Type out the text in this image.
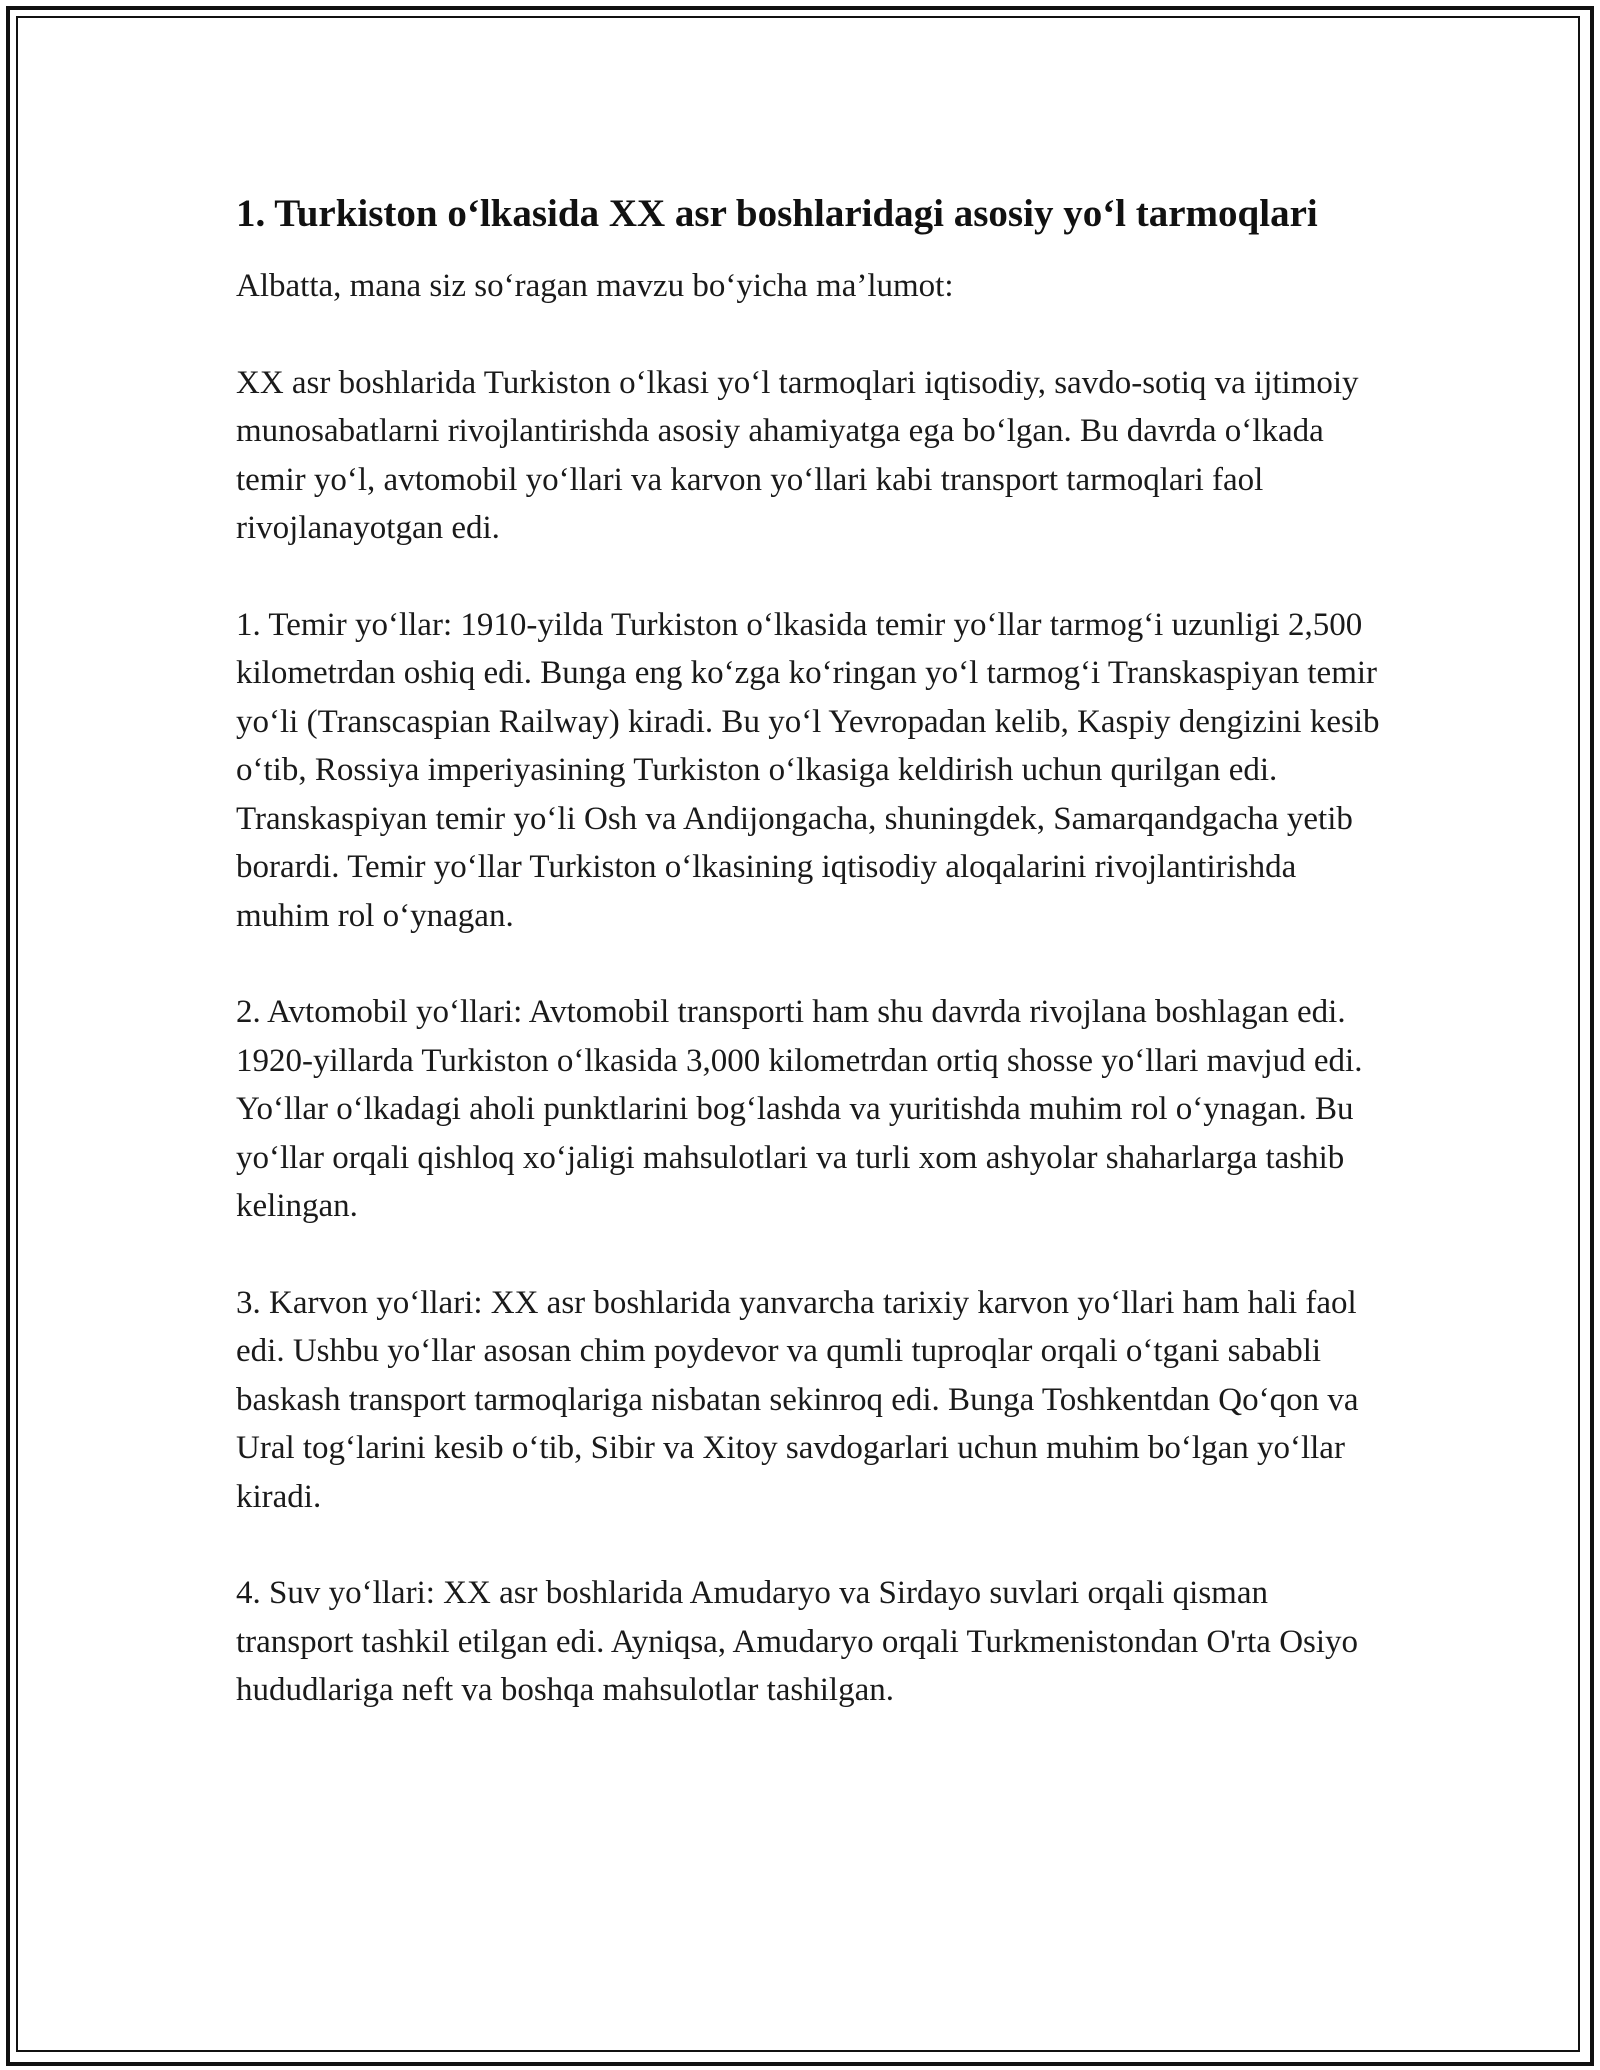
1. Turkiston o‘lkasida XX asr boshlaridagi asosiy yo‘l tarmoqlari

Albatta, mana siz so‘ragan mavzu bo‘yicha ma’lumot:

XX asr boshlarida Turkiston o‘lkasi yo‘l tarmoqlari iqtisodiy, savdo-sotiq va ijtimoiy munosabatlarni rivojlantirishda asosiy ahamiyatga ega bo‘lgan. Bu davrda o‘lkada temir yo‘l, avtomobil yo‘llari va karvon yo‘llari kabi transport tarmoqlari faol rivojlanayotgan edi.

1. Temir yo‘llar: 1910-yilda Turkiston o‘lkasida temir yo‘llar tarmog‘i uzunligi 2,500 kilometrdan oshiq edi. Bunga eng ko‘zga ko‘ringan yo‘l tarmog‘i Transkaspiyan temir yo‘li (Transcaspian Railway) kiradi. Bu yo‘l Yevropadan kelib, Kaspiy dengizini kesib o‘tib, Rossiya imperiyasining Turkiston o‘lkasiga keldirish uchun qurilgan edi. Transkaspiyan temir yo‘li Osh va Andijongacha, shuningdek, Samarqandgacha yetib borardi. Temir yo‘llar Turkiston o‘lkasining iqtisodiy aloqalarini rivojlantirishda muhim rol o‘ynagan.

2. Avtomobil yo‘llari: Avtomobil transporti ham shu davrda rivojlana boshlagan edi. 1920-yillarda Turkiston o‘lkasida 3,000 kilometrdan ortiq shosse yo‘llari mavjud edi. Yo‘llar o‘lkadagi aholi punktlarini bog‘lashda va yuritishda muhim rol o‘ynagan. Bu yo‘llar orqali qishloq xo‘jaligi mahsulotlari va turli xom ashyolar shaharlarga tashib kelingan.

3. Karvon yo‘llari: XX asr boshlarida yanvarcha tarixiy karvon yo‘llari ham hali faol edi. Ushbu yo‘llar asosan chim poydevor va qumli tuproqlar orqali o‘tgani sababli baskash transport tarmoqlariga nisbatan sekinroq edi. Bunga Toshkentdan Qo‘qon va Ural tog‘larini kesib o‘tib, Sibir va Xitoy savdogarlari uchun muhim bo‘lgan yo‘llar kiradi.

4. Suv yo‘llari: XX asr boshlarida Amudaryo va Sirdayo suvlari orqali qisman transport tashkil etilgan edi. Ayniqsa, Amudaryo orqali Turkmenistondan O'rta Osiyo hududlariga neft va boshqa mahsulotlar tashilgan.
